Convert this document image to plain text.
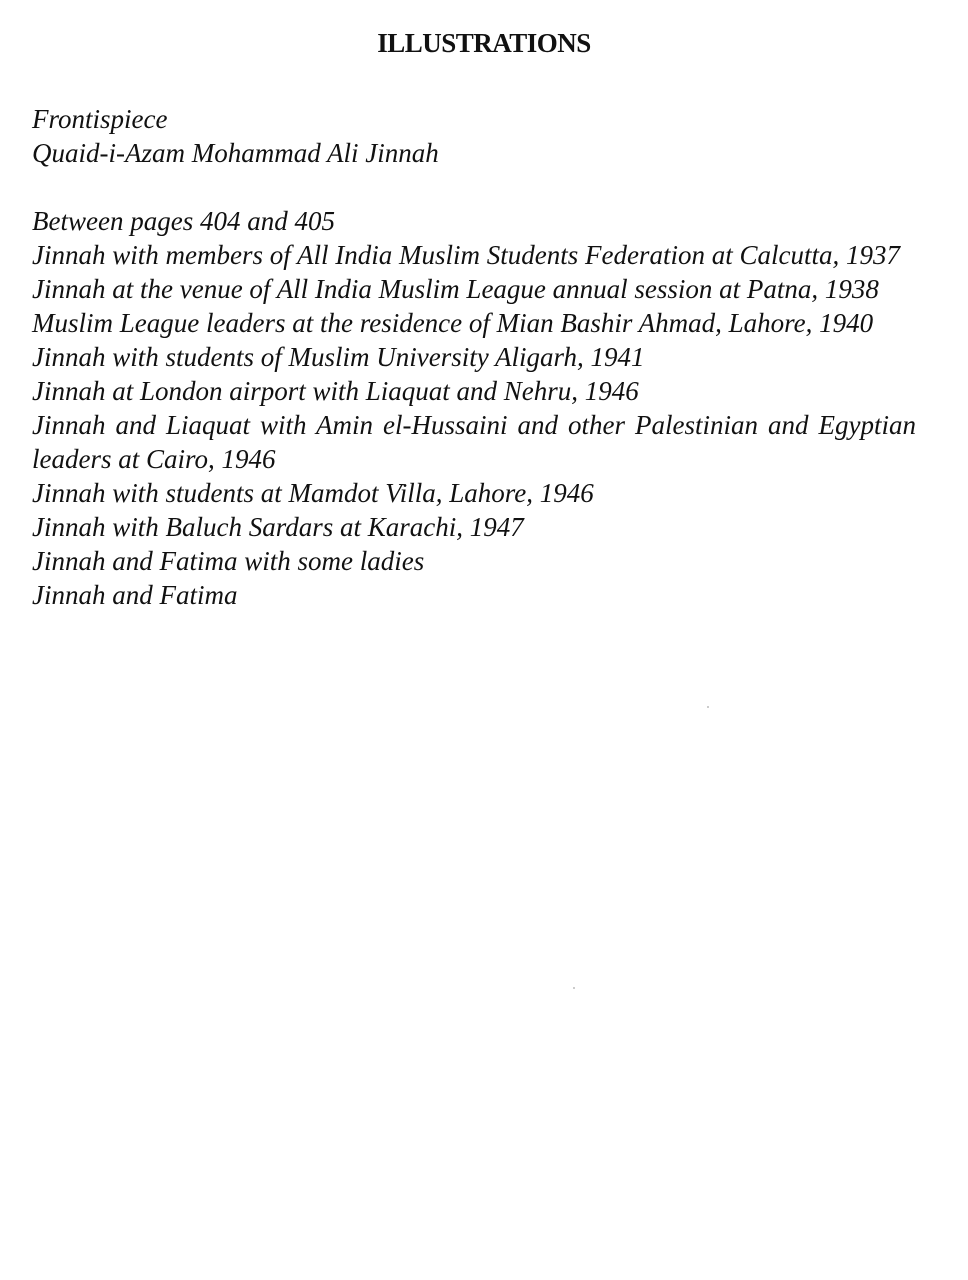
ILLUSTRATIONS
Frontispiece
Quaid-i-Azam Mohammad Ali Jinnah
Between pages 404 and 405
Jinnah with members of All India Muslim Students Federation at Calcutta, 1937
Jinnah at the venue of All India Muslim League annual session at Patna, 1938
Muslim League leaders at the residence of Mian Bashir Ahmad, Lahore, 1940
Jinnah with students of Muslim University Aligarh, 1941
Jinnah at London airport with Liaquat and Nehru, 1946
Jinnah and Liaquat with Amin el-Hussaini and other Palestinian and Egyptian leaders at Cairo, 1946
Jinnah with students at Mamdot Villa, Lahore, 1946
Jinnah with Baluch Sardars at Karachi, 1947
Jinnah and Fatima with some ladies
Jinnah and Fatima
